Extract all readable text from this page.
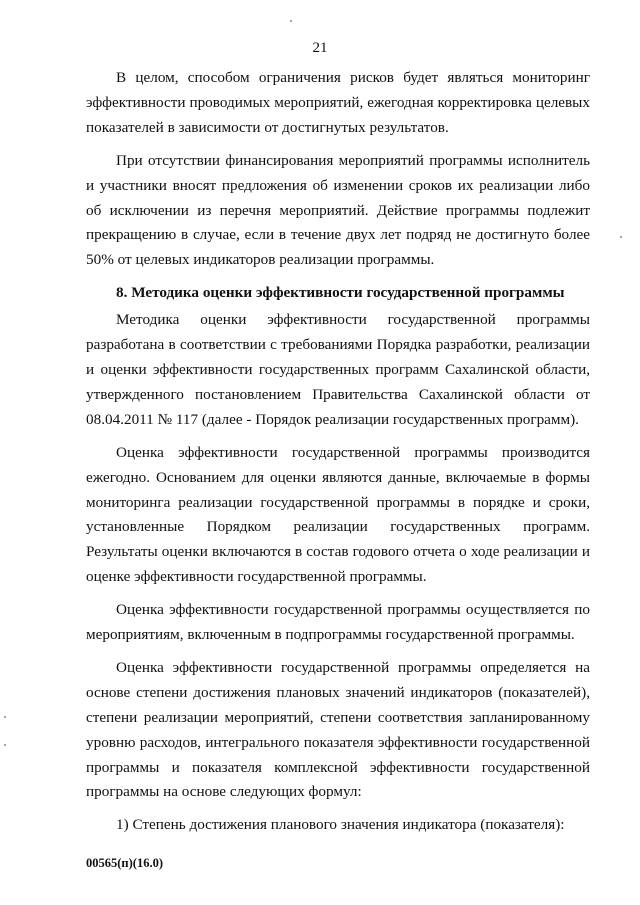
21

В целом, способом ограничения рисков будет являться мониторинг эффективности проводимых мероприятий, ежегодная корректировка целевых показателей в зависимости от достигнутых результатов.

При отсутствии финансирования мероприятий программы исполнитель и участники вносят предложения об изменении сроков их реализации либо об исключении из перечня мероприятий. Действие программы подлежит прекращению в случае, если в течение двух лет подряд не достигнуто более 50% от целевых индикаторов реализации программы.

8. Методика оценки эффективности государственной программы

Методика оценки эффективности государственной программы разработана в соответствии с требованиями Порядка разработки, реализации и оценки эффективности государственных программ Сахалинской области, утвержденного постановлением Правительства Сахалинской области от 08.04.2011 № 117 (далее - Порядок реализации государственных программ).

Оценка эффективности государственной программы производится ежегодно. Основанием для оценки являются данные, включаемые в формы мониторинга реализации государственной программы в порядке и сроки, установленные Порядком реализации государственных программ. Результаты оценки включаются в состав годового отчета о ходе реализации и оценке эффективности государственной программы.

Оценка эффективности государственной программы осуществляется по мероприятиям, включенным в подпрограммы государственной программы.

Оценка эффективности государственной программы определяется на основе степени достижения плановых значений индикаторов (показателей), степени реализации мероприятий, степени соответствия запланированному уровню расходов, интегрального показателя эффективности государственной программы и показателя комплексной эффективности государственной программы на основе следующих формул:

1) Степень достижения планового значения индикатора (показателя):

00565(п)(16.0)
